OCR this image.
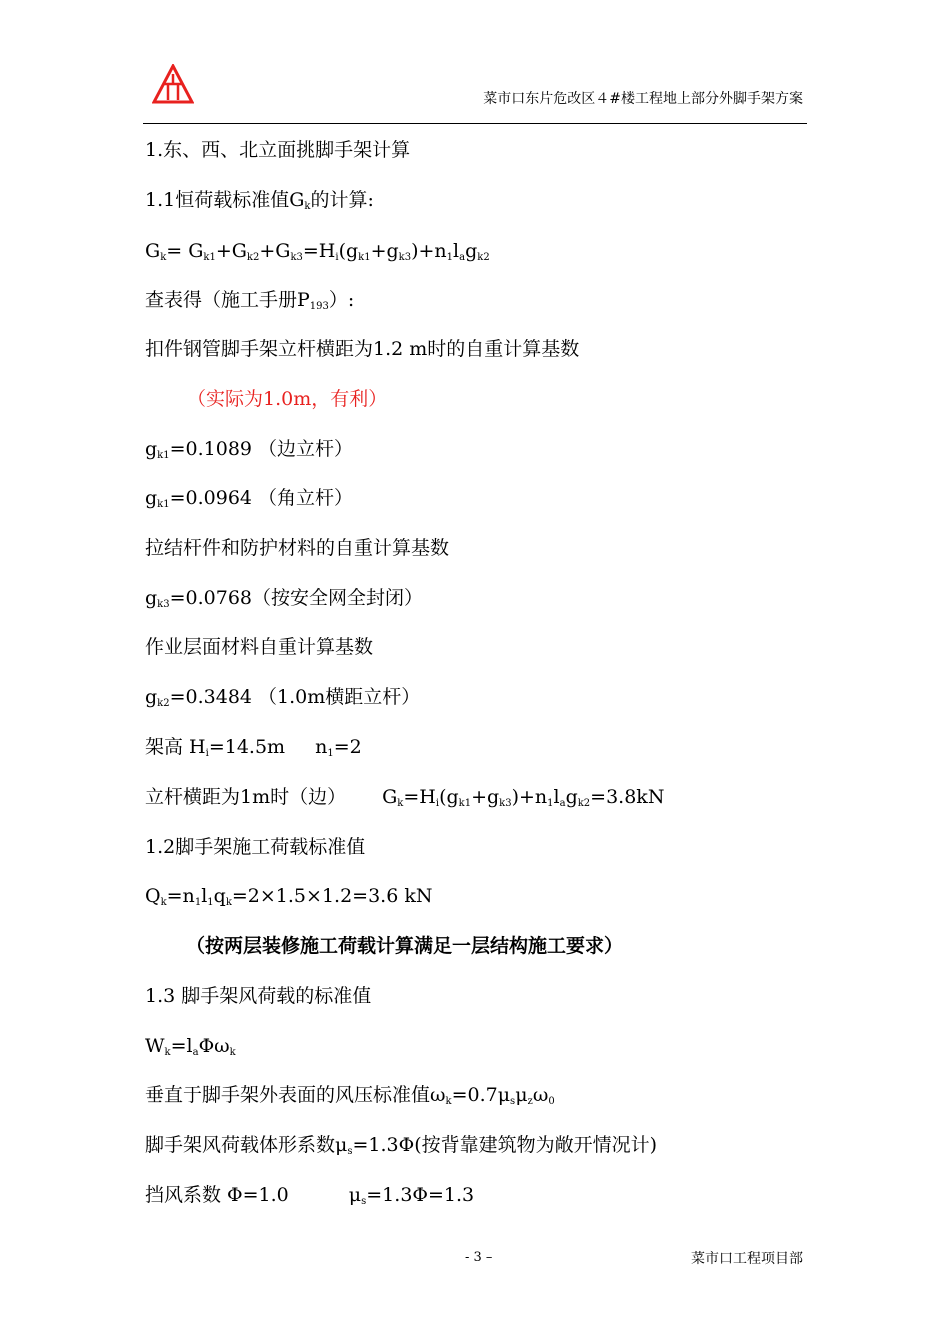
菜市口东片危改区４#楼工程地上部分外脚手架方案
1.东、西、北立面挑脚手架计算
1.1恒荷载标准值$G_k$的计算:
$G_k= G_{k1}+G_{k2}+G_{k3}=H_i(g_{k1}+g_{k3})+n_1l_ag_{k2}$
查表得（施工手册$P_{193}$）:
扣件钢管脚手架立杆横距为1.2 m时的自重计算基数
（实际为1.0m，有利）
$g_{k1}=0.1089$ （边立杆）
$g_{k1}=0.0964$ （角立杆）
拉结杆件和防护材料的自重计算基数
$g_{k3}=0.0768$（按安全网全封闭）
作业层面材料自重计算基数
$g_{k2}=0.3484$ （1.0m横距立杆）
架高 $H_i=14.5m$ $n_1=2$
立杆横距为1m时（边） $G_k=H_i(g_{k1}+g_{k3})+n_1l_ag_{k2}=3.8kN$
1.2脚手架施工荷载标准值
$Q_k=n_1l_1q_k=2\times 1.5\times 1.2=3.6$ kN
（按两层装修施工荷载计算满足一层结构施工要求）
1.3 脚手架风荷载的标准值
$W_k=l_a\Phi\omega_k$
垂直于脚手架外表面的风压标准值$\omega_k=0.7\mu_s\mu_z\omega_0$
脚手架风荷载体形系数$\mu_s=1.3\Phi$(按背靠建筑物为敞开情况计)
挡风系数 Φ=1.0	$\mu_s=1.3\Phi=1.3$
- 3 –	菜市口工程项目部
